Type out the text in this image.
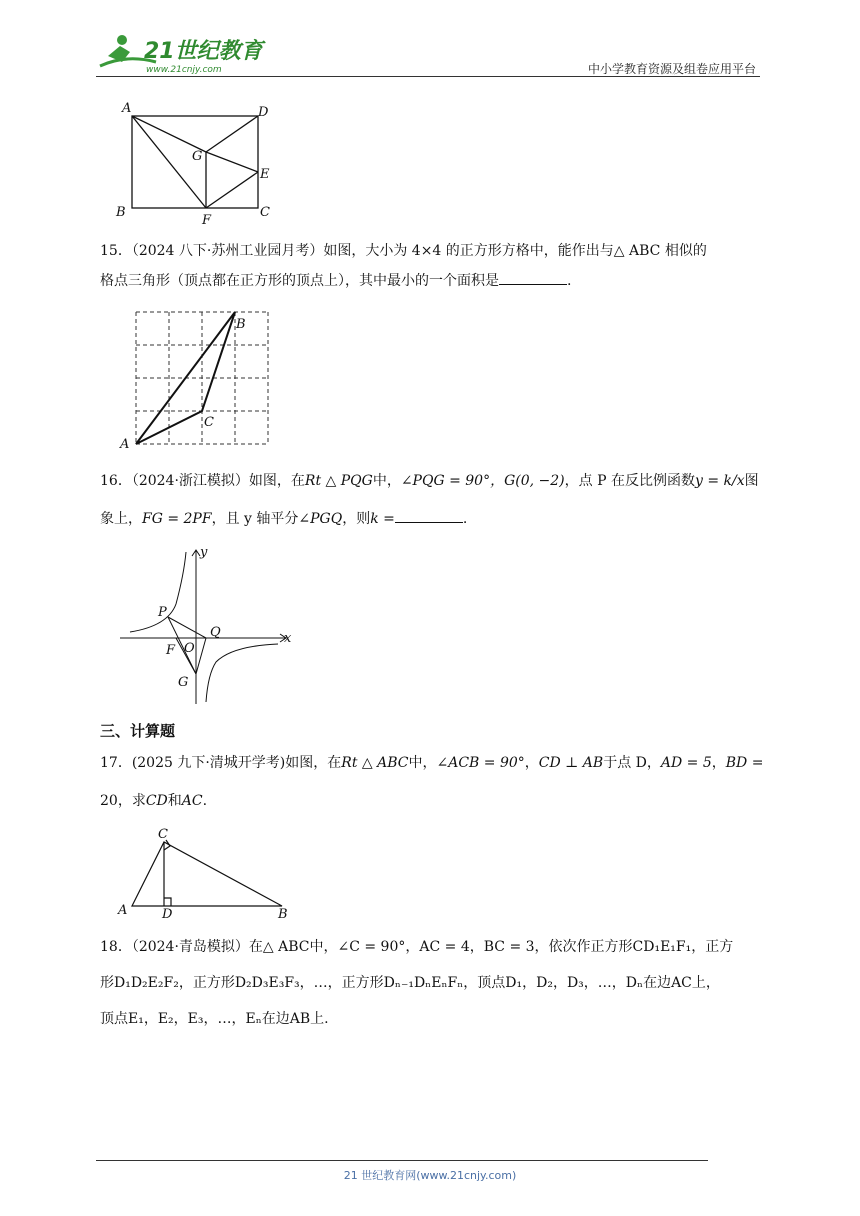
21世纪教育
www.21cnjy.com	中小学教育资源及组卷应用平台
A	D
G
E
B
F
C
15．（2024 八下·苏州工业园月考）如图，大小为 4×4 的正方形方格中，能作出与△ ABC 相似的
格点三角形（顶点都在正方形的顶点上），其中最小的一个面积是	.
B
C
A
16．（2024·浙江模拟）如图，在Rt △ PQG中，∠PQG = 90°，G(0, −2)，点 P 在反比例函数y = k/x图
象上，FG = 2PF，且 y 轴平分∠PGQ，则k =	.
y
P
Q	x
F O
G
三、计算题
17．(2025 九下·清城开学考)如图，在Rt △ ABC中，∠ACB = 90°，CD ⊥ AB于点 D，AD = 5，BD =
20，求CD和AC.
C
A	D	B
18．（2024·青岛模拟）在△ ABC中，∠C = 90°，AC = 4，BC = 3，依次作正方形CD₁E₁F₁，正方
形D₁D₂E₂F₂，正方形D₂D₃E₃F₃，…，正方形Dₙ₋₁DₙEₙFₙ，顶点D₁，D₂，D₃，…，Dₙ在边AC上，
顶点E₁，E₂，E₃，…，Eₙ在边AB上.
21 世纪教育网(www.21cnjy.com)
